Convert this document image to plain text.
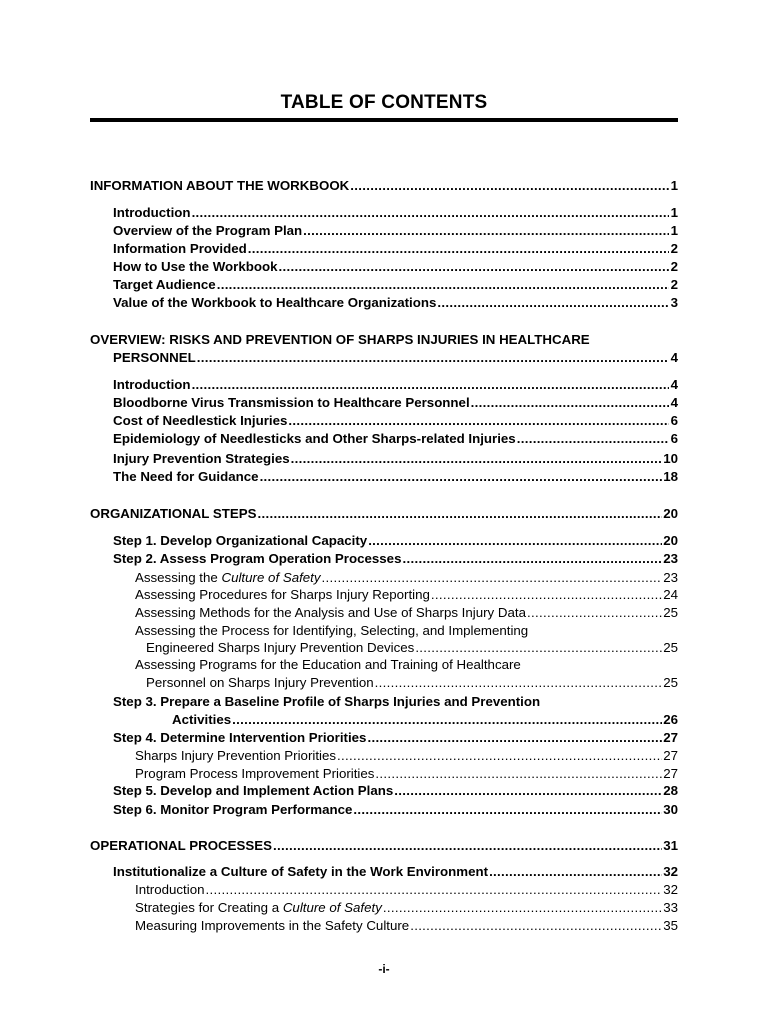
TABLE OF CONTENTS
INFORMATION ABOUT THE WORKBOOK .....	1
Introduction .....	1
Overview of the Program Plan .....	1
Information Provided .....	2
How to Use the Workbook .....	2
Target Audience .....	2
Value of the Workbook to Healthcare Organizations .....	3
OVERVIEW: RISKS AND PREVENTION OF SHARPS INJURIES IN HEALTHCARE
PERSONNEL .....	4
Introduction .....	4
Bloodborne Virus Transmission to Healthcare Personnel .....	4
Cost of Needlestick Injuries .....	6
Epidemiology of Needlesticks and Other Sharps-related Injuries .....	6
Injury Prevention Strategies .....	10
The Need for Guidance .....	18
ORGANIZATIONAL STEPS .....	20
Step 1. Develop Organizational Capacity .....	20
Step 2. Assess Program Operation Processes .....	23
Assessing the Culture of Safety .....	23
Assessing Procedures for Sharps Injury Reporting .....	24
Assessing Methods for the Analysis and Use of Sharps Injury Data .....	25
Assessing the Process for Identifying, Selecting, and Implementing
Engineered Sharps Injury Prevention Devices .....	25
Assessing Programs for the Education and Training of Healthcare
Personnel on Sharps Injury Prevention .....	25
Step 3. Prepare a Baseline Profile of Sharps Injuries and Prevention
Activities .....	26
Step 4. Determine Intervention Priorities .....	27
Sharps Injury Prevention Priorities .....	27
Program Process Improvement Priorities .....	27
Step 5. Develop and Implement Action Plans .....	28
Step 6. Monitor Program Performance .....	30
OPERATIONAL PROCESSES .....	31
Institutionalize a Culture of Safety in the Work Environment .....	32
Introduction .....	32
Strategies for Creating a Culture of Safety .....	33
Measuring Improvements in the Safety Culture .....	35
-i-
